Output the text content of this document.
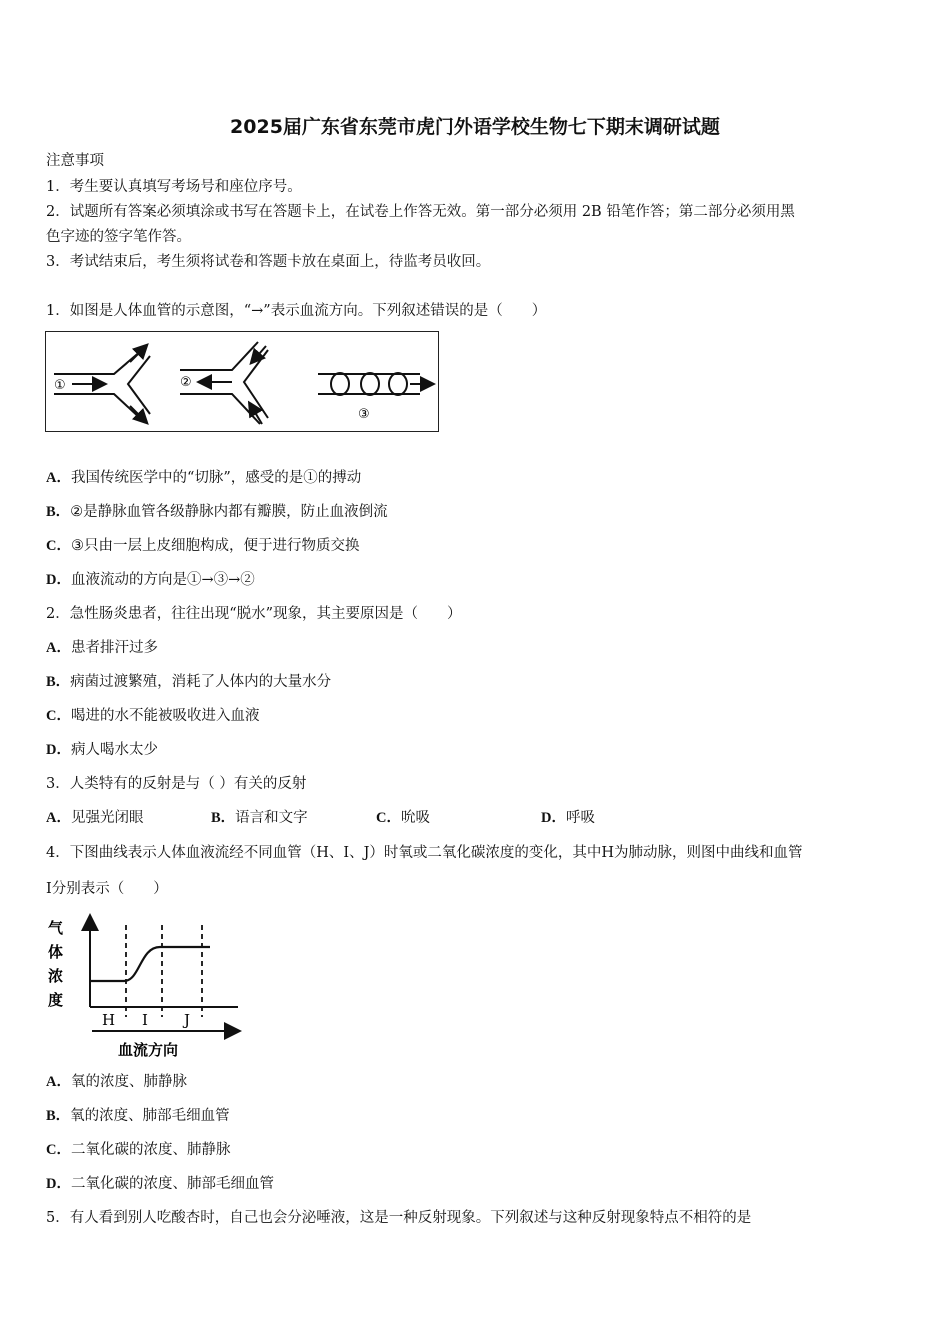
2025届广东省东莞市虎门外语学校生物七下期末调研试题
注意事项
1．考生要认真填写考场号和座位序号。
2．试题所有答案必须填涂或书写在答题卡上，在试卷上作答无效。第一部分必须用 2B 铅笔作答；第二部分必须用黑
色字迹的签字笔作答。
3．考试结束后，考生须将试卷和答题卡放在桌面上，待监考员收回。
1．如图是人体血管的示意图，“→”表示血流方向。下列叙述错误的是（　　）
①	②
③
A．我国传统医学中的“切脉”，感受的是①的搏动
B．②是静脉血管各级静脉内都有瓣膜，防止血液倒流
C．③只由一层上皮细胞构成，便于进行物质交换
D．血液流动的方向是①→③→②
2．急性肠炎患者，往往出现“脱水”现象，其主要原因是（　　）
A．患者排汗过多
B．病菌过渡繁殖，消耗了人体内的大量水分
C．喝进的水不能被吸收进入血液
D．病人喝水太少
3．人类特有的反射是与（ ）有关的反射
A．见强光闭眼	B．语言和文字	C．吮吸	D．呼吸
4．下图曲线表示人体血液流经不同血管（H、I、J）时氧或二氧化碳浓度的变化，其中H为肺动脉，则图中曲线和血管
I分别表示（　　）
气
体
浓
度
H I J
血流方向
A．氧的浓度、肺静脉
B．氧的浓度、肺部毛细血管
C．二氧化碳的浓度、肺静脉
D．二氧化碳的浓度、肺部毛细血管
5．有人看到别人吃酸杏时，自己也会分泌唾液，这是一种反射现象。下列叙述与这种反射现象特点不相符的是
